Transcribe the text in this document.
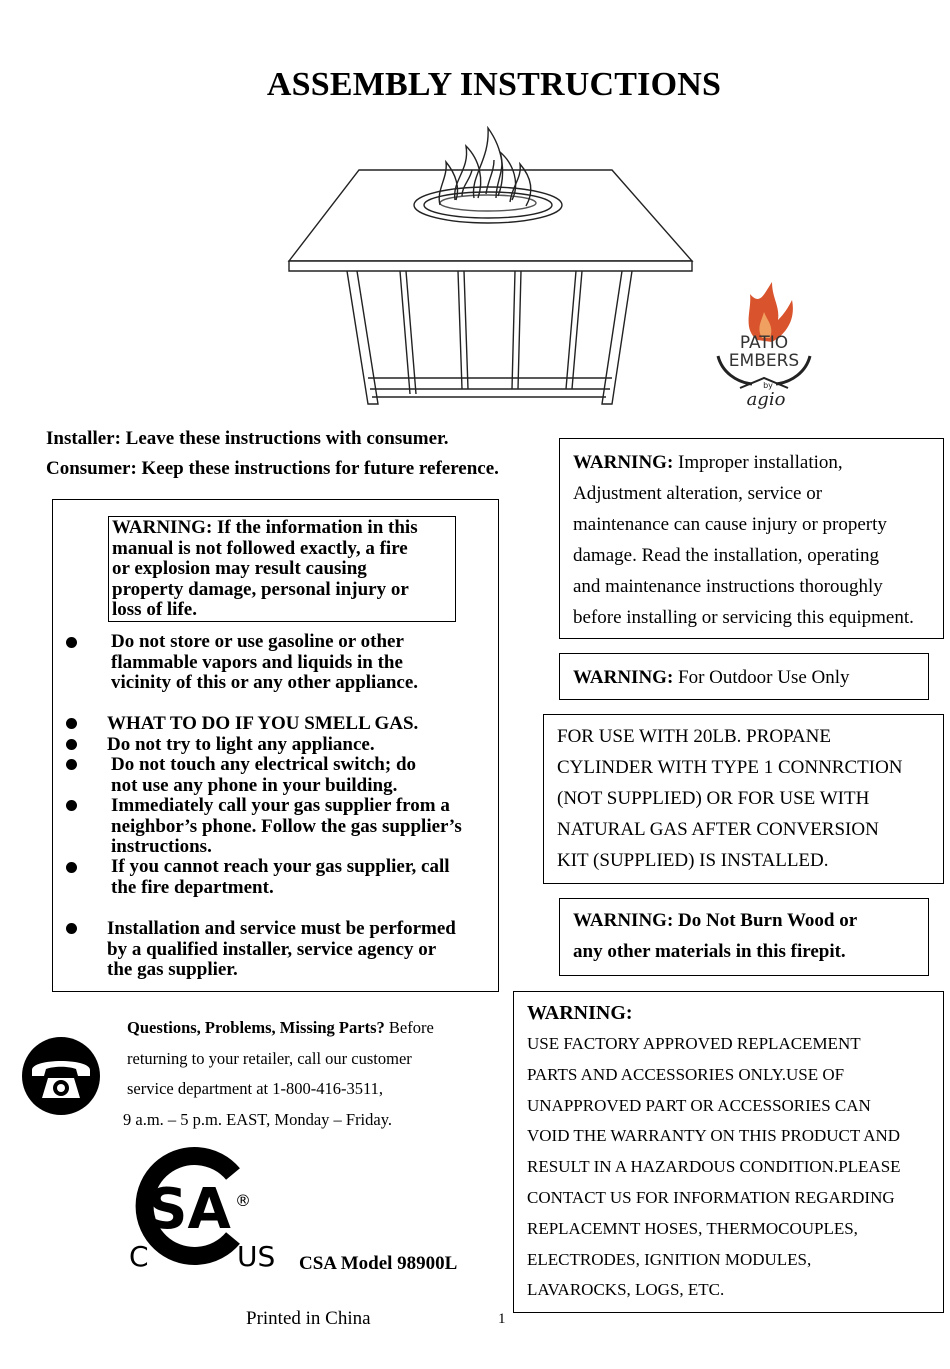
ASSEMBLY INSTRUCTIONS
PATIO
EMBERS
by
agio
Installer: Leave these instructions with consumer.
Consumer: Keep these instructions for future reference.
WARNING: If the information in this
manual is not followed exactly, a fire
or explosion may result causing
property damage, personal injury or
loss of life.
Do not store or use gasoline or other
flammable vapors and liquids in the
vicinity of this or any other appliance.
WHAT TO DO IF YOU SMELL GAS.
Do not try to light any appliance.
Do not touch any electrical switch; do
not use any phone in your building.
Immediately call your gas supplier from a
neighbor’s phone. Follow the gas supplier’s
instructions.
If you cannot reach your gas supplier, call
the fire department.
Installation and service must be performed
by a qualified installer, service agency or
the gas supplier.
WARNING: Improper installation,
Adjustment alteration, service or
maintenance can cause injury or property
damage. Read the installation, operating
and maintenance instructions thoroughly
before installing or servicing this equipment.
WARNING: For Outdoor Use Only
FOR USE WITH 20LB. PROPANE
CYLINDER WITH TYPE 1 CONNRCTION
(NOT SUPPLIED) OR FOR USE WITH
NATURAL GAS AFTER CONVERSION
KIT (SUPPLIED) IS INSTALLED.
WARNING: Do Not Burn Wood or
any other materials in this firepit.
WARNING:
USE FACTORY APPROVED REPLACEMENT
PARTS AND ACCESSORIES ONLY.USE OF
UNAPPROVED PART OR ACCESSORIES CAN
VOID THE WARRANTY ON THIS PRODUCT AND
RESULT IN A HAZARDOUS CONDITION.PLEASE
CONTACT US FOR INFORMATION REGARDING
REPLACEMNT HOSES, THERMOCOUPLES,
ELECTRODES, IGNITION MODULES,
LAVAROCKS, LOGS, ETC.
Questions, Problems, Missing Parts? Before
returning to your retailer, call our customer
service department at 1-800-416-3511,
9 a.m. – 5 p.m. EAST, Monday – Friday.
SA ®
C	US CSA Model 98900L
Printed in China	1
